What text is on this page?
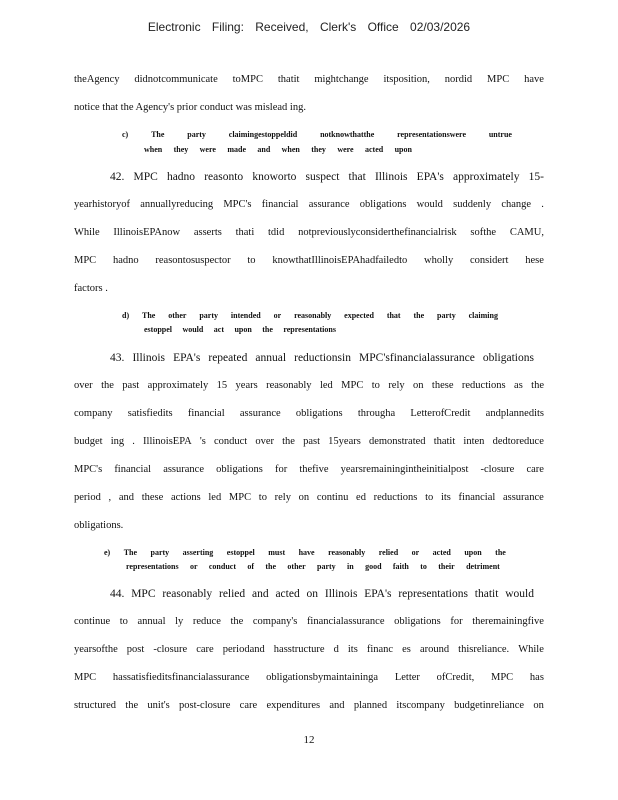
Electronic Filing: Received, Clerk's Office 02/03/2026
theAgency didnotcommunicate toMPC thatit mightchange itsposition, nordid MPC have
notice that the Agency's prior conduct was mislead ing.
c)	The	party	claimingestoppeldid	notknowthatthe	representationswere	untrue
when they were made and when they were acted upon
42. MPC hadno reasonto knoworto suspect that Illinois EPA's approximately 15-
yearhistoryof annuallyreducing MPC's financial assurance obligations would suddenly change .
While IllinoisEPAnow asserts thati tdid notpreviouslyconsiderthefinancialrisk softhe CAMU,
MPC hadno reasontosuspector to knowthatIllinoisEPAhadfailedto wholly considert hese
factors .
d) The other party intended or reasonably expected that the party claiming
estoppel would act upon the representations
43. Illinois EPA's repeated annual reductionsin MPC'sfinancialassurance obligations
over the past approximately 15 years reasonably led MPC to rely on these reductions as the
company satisfiedits financial assurance obligations througha LetterofCredit andplannedits
budget ing . IllinoisEPA 's conduct over the past 15years demonstrated thatit inten dedtoreduce
MPC's financial assurance obligations for thefive yearsremainingintheinitialpost -closure care
period , and these actions led MPC to rely on continu ed reductions to its financial assurance
obligations.
e) The party asserting estoppel must have reasonably relied or acted upon the
representations or conduct of the other party in good faith to their detriment
44. MPC reasonably relied and acted on Illinois EPA's representations thatit would
continue to annual ly reduce the company's financialassurance obligations for theremainingfive
yearsofthe post -closure care periodand hasstructure d its financ es around thisreliance. While
MPC hassatisfieditsfinancialassurance obligationsbymaintaininga Letter ofCredit, MPC has
structured the unit's post-closure care expenditures and planned itscompany budgetinreliance on
12
